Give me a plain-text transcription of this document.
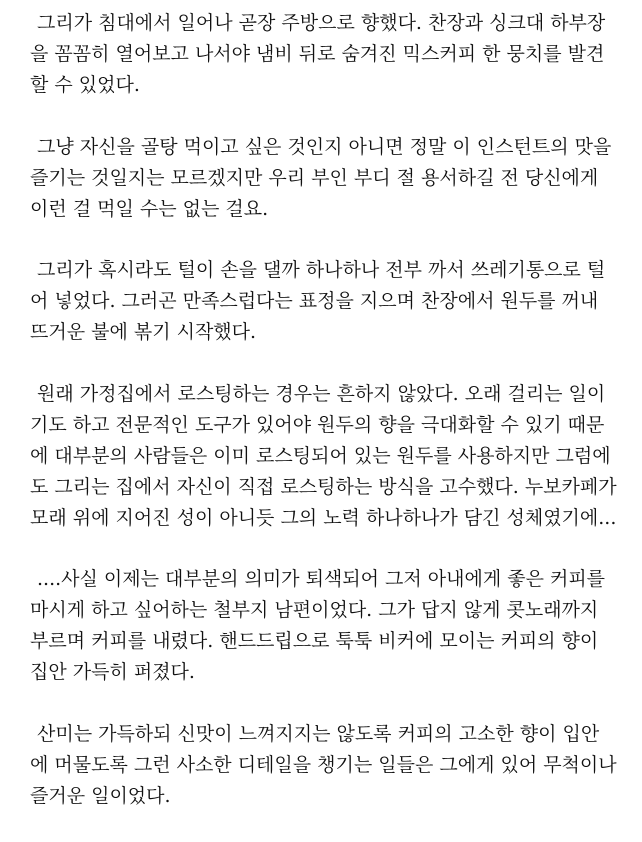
그리가 침대에서 일어나 곧장 주방으로 향했다. 찬장과 싱크대 하부장
을 꼼꼼히 열어보고 나서야 냄비 뒤로 숨겨진 믹스커피 한 뭉치를 발견
할 수 있었다.
그냥 자신을 골탕 먹이고 싶은 것인지 아니면 정말 이 인스턴트의 맛을
즐기는 것일지는 모르겠지만 우리 부인 부디 절 용서하길 전 당신에게
이런 걸 먹일 수는 없는 걸요.
그리가 혹시라도 털이 손을 댈까 하나하나 전부 까서 쓰레기통으로 털
어 넣었다. 그러곤 만족스럽다는 표정을 지으며 찬장에서 원두를 꺼내
뜨거운 불에 볶기 시작했다.
원래 가정집에서 로스팅하는 경우는 흔하지 않았다. 오래 걸리는 일이
기도 하고 전문적인 도구가 있어야 원두의 향을 극대화할 수 있기 때문
에 대부분의 사람들은 이미 로스팅되어 있는 원두를 사용하지만 그럼에
도 그리는 집에서 자신이 직접 로스팅하는 방식을 고수했다. 누보카페가
모래 위에 지어진 성이 아니듯 그의 노력 하나하나가 담긴 성체였기에...
....사실 이제는 대부분의 의미가 퇴색되어 그저 아내에게 좋은 커피를
마시게 하고 싶어하는 철부지 남편이었다. 그가 답지 않게 콧노래까지
부르며 커피를 내렸다. 핸드드립으로 툭툭 비커에 모이는 커피의 향이
집안 가득히 퍼졌다.
산미는 가득하되 신맛이 느껴지지는 않도록 커피의 고소한 향이 입안
에 머물도록 그런 사소한 디테일을 챙기는 일들은 그에게 있어 무척이나
즐거운 일이었다.
